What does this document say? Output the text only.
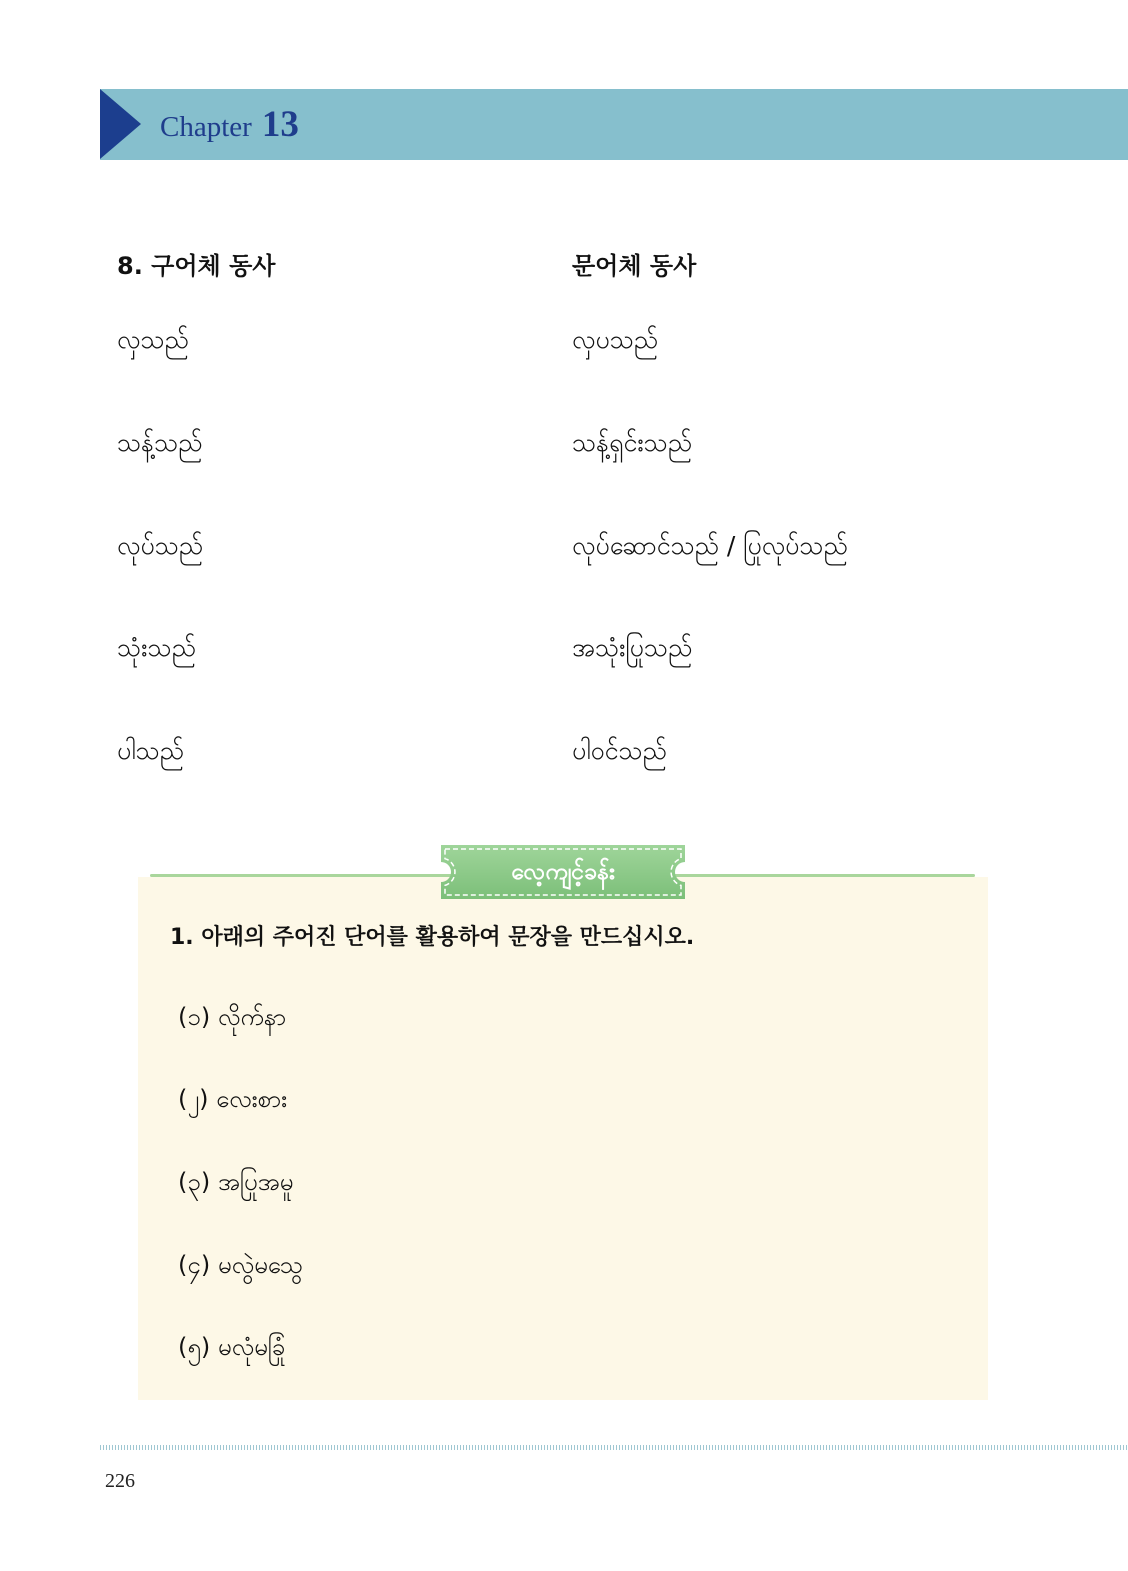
Chapter 13
8. 구어체 동사	문어체 동사
လှသည်	လှပသည်
သန့်သည်	သန့်ရှင်းသည်
လုပ်သည်	လုပ်ဆောင်သည် / ပြုလုပ်သည်
သုံးသည်	အသုံးပြုသည်
ပါသည်	ပါဝင်သည်
လေ့ကျင့်ခန်း
1. 아래의 주어진 단어를 활용하여 문장을 만드십시오.
(၁) လိုက်နာ
(၂) လေးစား
(၃) အပြုအမူ
(၄) မလွဲမသွေ
(၅) မလုံမခြုံ
226
